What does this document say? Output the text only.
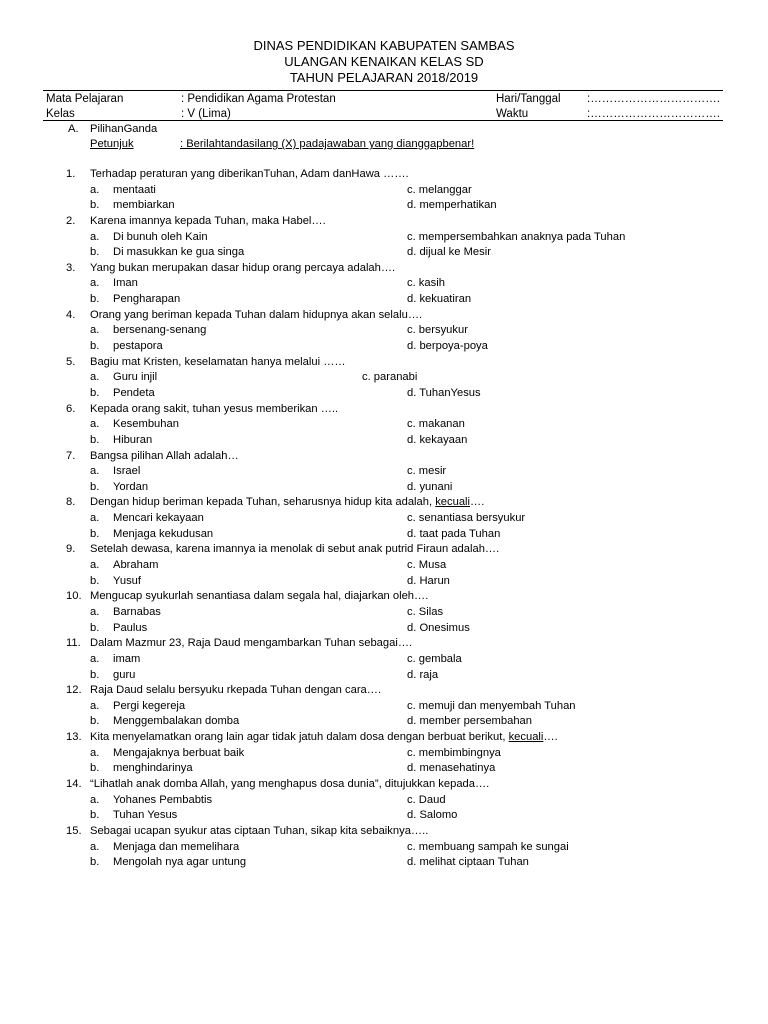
DINAS PENDIDIKAN KABUPATEN SAMBAS
ULANGAN KENAIKAN KELAS SD
TAHUN PELAJARAN 2018/2019
Mata Pelajaran	: Pendidikan Agama Protestan	Hari/Tanggal :…………………………….
Kelas	: V (Lima)	Waktu	:…………………………….
A. PilihanGanda
Petunjuk	: Berilahtandasilang (X) padajawaban yang dianggapbenar!
1.	Terhadap peraturan yang diberikanTuhan, Adam danHawa …….
a. mentaati	c. melanggar
b. membiarkan	d. memperhatikan
2.	Karena imannya kepada Tuhan, maka Habel….
a. Di bunuh oleh Kain	c. mempersembahkan anaknya pada Tuhan
b. Di masukkan ke gua singa	d. dijual ke Mesir
3.	Yang bukan merupakan dasar hidup orang percaya adalah….
a. Iman	c. kasih
b. Pengharapan	d. kekuatiran
4.	Orang yang beriman kepada Tuhan dalam hidupnya akan selalu….
a. bersenang-senang	c. bersyukur
b. pestapora	d. berpoya-poya
5.	Bagiu mat Kristen, keselamatan hanya melalui ……
a. Guru injil	c. paranabi
b. Pendeta	d. TuhanYesus
6.	Kepada orang sakit, tuhan yesus memberikan …..
a. Kesembuhan	c. makanan
b. Hiburan	d. kekayaan
7.	Bangsa pilihan Allah adalah…
a. Israel	c. mesir
b. Yordan	d. yunani
8.	Dengan hidup beriman kepada Tuhan, seharusnya hidup kita adalah, kecuali….
a. Mencari kekayaan	c. senantiasa bersyukur
b. Menjaga kekudusan	d. taat pada Tuhan
9.	Setelah dewasa, karena imannya ia menolak di sebut anak putrid Firaun adalah….
a. Abraham	c. Musa
b. Yusuf	d. Harun
10. Mengucap syukurlah senantiasa dalam segala hal, diajarkan oleh….
a. Barnabas	c. Silas
b. Paulus	d. Onesimus
11. Dalam Mazmur 23, Raja Daud mengambarkan Tuhan sebagai….
a. imam	c. gembala
b. guru	d. raja
12. Raja Daud selalu bersyuku rkepada Tuhan dengan cara….
a. Pergi kegereja	c. memuji dan menyembah Tuhan
b. Menggembalakan domba	d. member persembahan
13. Kita menyelamatkan orang lain agar tidak jatuh dalam dosa dengan berbuat berikut, kecuali….
a. Mengajaknya berbuat baik	c. membimbingnya
b. menghindarinya	d. menasehatinya
14. “Lihatlah anak domba Allah, yang menghapus dosa dunia”, ditujukkan kepada….
a. Yohanes Pembabtis	c. Daud
b. Tuhan Yesus	d. Salomo
15. Sebagai ucapan syukur atas ciptaan Tuhan, sikap kita sebaiknya…..
a. Menjaga dan memelihara	c. membuang sampah ke sungai
b. Mengolah nya agar untung	d. melihat ciptaan Tuhan
